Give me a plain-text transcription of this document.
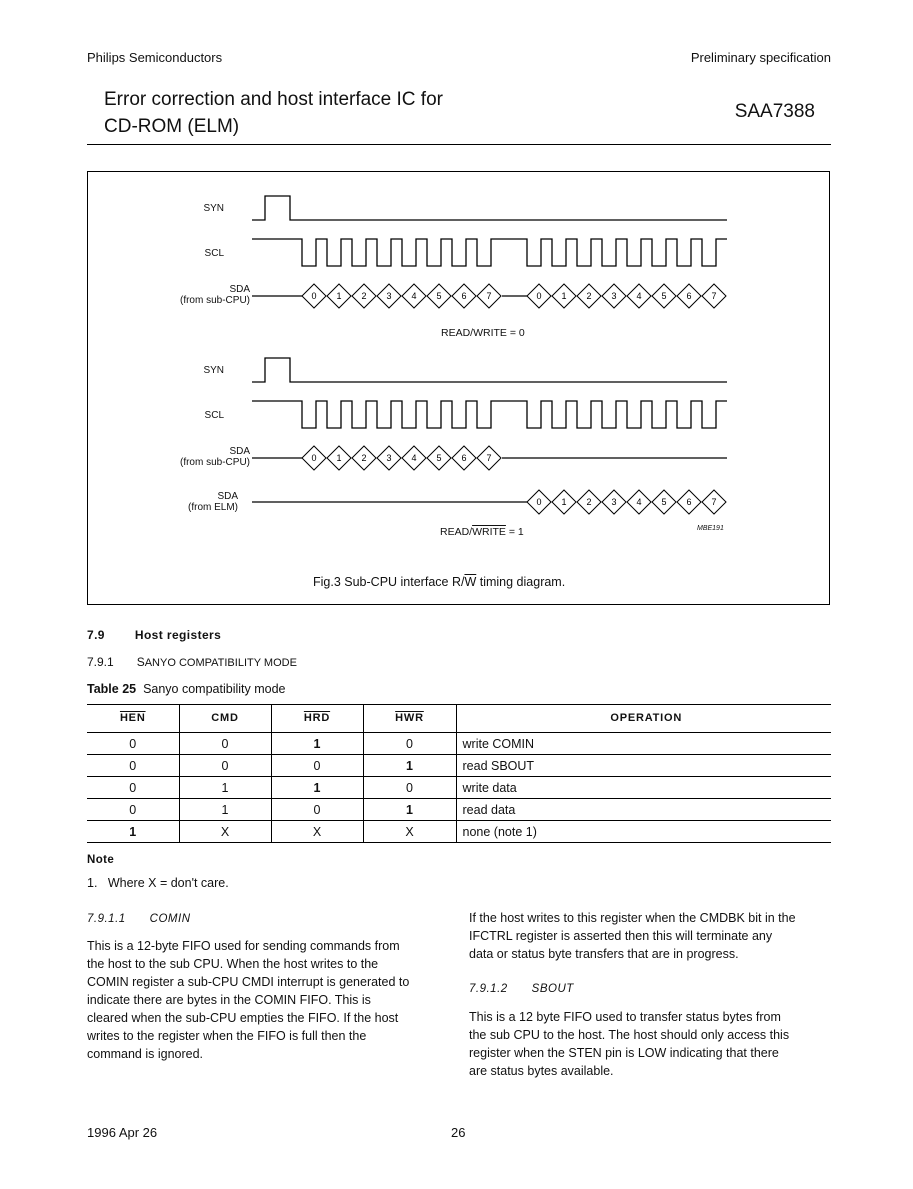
Philips Semiconductors	Preliminary specification
Error correction and host interface IC for
CD-ROM (ELM)
SAA7388
SYN
SCL
SDA
(from sub-CPU)
READ/WRITE = 0
SYN
SCL
SDA
(from sub-CPU)
SDA
(from ELM)
READ/WRITE = 1	MBE191
0 1 2 3 4 5 6 7	0 1 2 3 4 5 6 7
0 1 2 3 4 5 6 7
0 1 2 3 4 5 6 7
Fig.3 Sub-CPU interface $R/\overline{W}$ timing diagram.
7.9	Host registers
7.9.1 SANYO COMPATIBILITY MODE
Table 25 Sanyo compatibility mode
$\overline{HEN}$	CMD	$\overline{HRD}$	$\overline{HWR}$	OPERATION
0	0	1	0	write COMIN
0	0	0	1	read SBOUT
0	1	1	0	write data
0	1	0	1	read data
1	X	X	X	none (note 1)
Note
1.   Where X = don't care.
7.9.1.1 COMIN
This is a 12-byte FIFO used for sending commands from
the host to the sub CPU. When the host writes to the
COMIN register a sub-CPU CMDI interrupt is generated to
indicate there are bytes in the COMIN FIFO. This is
cleared when the sub-CPU empties the FIFO. If the host
writes to the register when the FIFO is full then the
command is ignored.
If the host writes to this register when the CMDBK bit in the
IFCTRL register is asserted then this will terminate any
data or status byte transfers that are in progress.
7.9.1.2 SBOUT
This is a 12 byte FIFO used to transfer status bytes from
the sub CPU to the host. The host should only access this
register when the STEN pin is LOW indicating that there
are status bytes available.
1996 Apr 26	26
